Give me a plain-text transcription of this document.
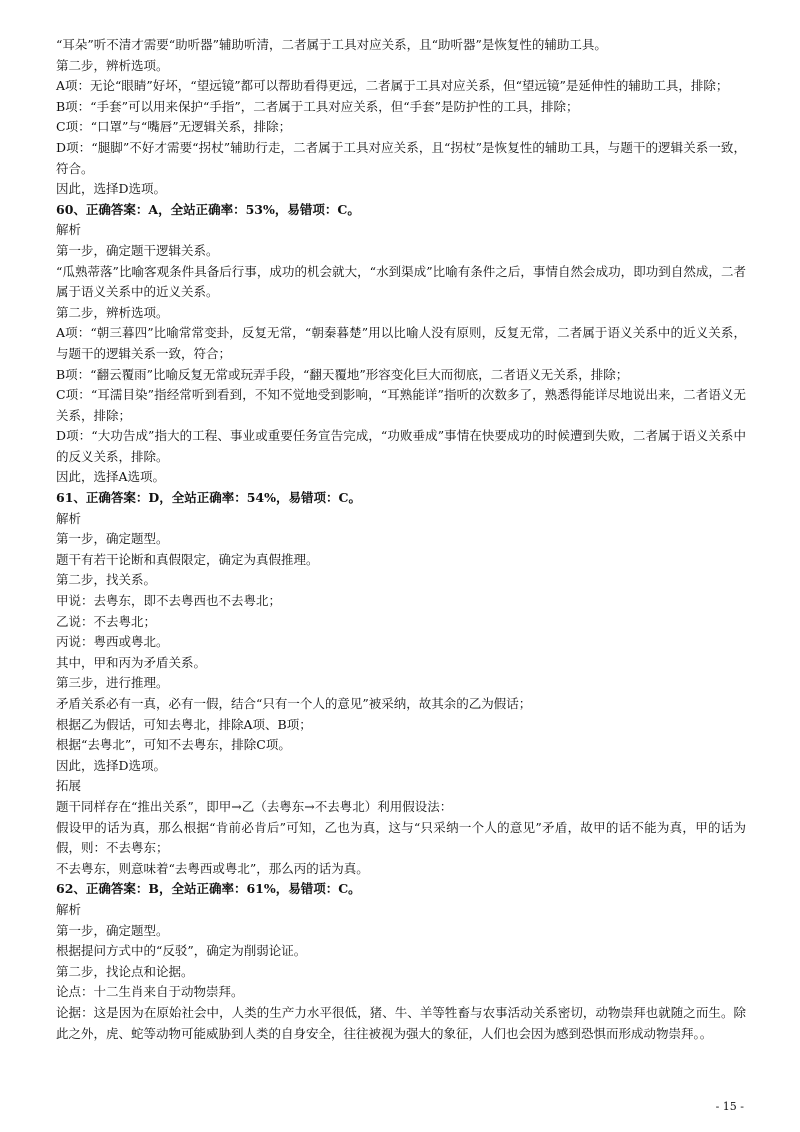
“耳朵”听不清才需要“助听器”辅助听清，二者属于工具对应关系，且“助听器”是恢复性的辅助工具。
第二步，辨析选项。
A项：无论“眼睛”好坏，“望远镜”都可以帮助看得更远，二者属于工具对应关系，但“望远镜”是延伸性的辅助工具，排除；
B项：“手套”可以用来保护“手指”，二者属于工具对应关系，但“手套”是防护性的工具，排除；
C项：“口罩”与“嘴唇”无逻辑关系，排除；
D项：“腿脚”不好才需要“拐杖”辅助行走，二者属于工具对应关系，且“拐杖”是恢复性的辅助工具，与题干的逻辑关系一致，符合。
因此，选择D选项。
60、正确答案：A，全站正确率：53%，易错项：C。
解析
第一步，确定题干逻辑关系。
“瓜熟蒂落”比喻客观条件具备后行事，成功的机会就大，“水到渠成”比喻有条件之后，事情自然会成功，即功到自然成，二者属于语义关系中的近义关系。
第二步，辨析选项。
A项：“朝三暮四”比喻常常变卦，反复无常，“朝秦暮楚”用以比喻人没有原则，反复无常，二者属于语义关系中的近义关系，与题干的逻辑关系一致，符合；
B项：“翻云覆雨”比喻反复无常或玩弄手段，“翻天覆地”形容变化巨大而彻底，二者语义无关系，排除；
C项：“耳濡目染”指经常听到看到，不知不觉地受到影响，“耳熟能详”指听的次数多了，熟悉得能详尽地说出来，二者语义无关系，排除；
D项：“大功告成”指大的工程、事业或重要任务宣告完成，“功败垂成”事情在快要成功的时候遭到失败，二者属于语义关系中的反义关系，排除。
因此，选择A选项。
61、正确答案：D，全站正确率：54%，易错项：C。
解析
第一步，确定题型。
题干有若干论断和真假限定，确定为真假推理。
第二步，找关系。
甲说：去粤东，即不去粤西也不去粤北；
乙说：不去粤北；
丙说：粤西或粤北。
其中，甲和丙为矛盾关系。
第三步，进行推理。
矛盾关系必有一真，必有一假，结合“只有一个人的意见”被采纳，故其余的乙为假话；
根据乙为假话，可知去粤北，排除A项、B项；
根据“去粤北”，可知不去粤东，排除C项。
因此，选择D选项。
拓展
题干同样存在“推出关系”，即甲→乙（去粤东→不去粤北）利用假设法：
假设甲的话为真，那么根据“肯前必肯后”可知，乙也为真，这与“只采纳一个人的意见”矛盾，故甲的话不能为真，甲的话为假，则：不去粤东；
不去粤东，则意味着“去粤西或粤北”，那么丙的话为真。
62、正确答案：B，全站正确率：61%，易错项：C。
解析
第一步，确定题型。
根据提问方式中的“反驳”，确定为削弱论证。
第二步，找论点和论据。
论点：十二生肖来自于动物崇拜。
论据：这是因为在原始社会中，人类的生产力水平很低，猪、牛、羊等牲畜与农事活动关系密切，动物崇拜也就随之而生。除此之外，虎、蛇等动物可能威胁到人类的自身安全，往往被视为强大的象征，人们也会因为感到恐惧而形成动物崇拜。。
- 15 -
